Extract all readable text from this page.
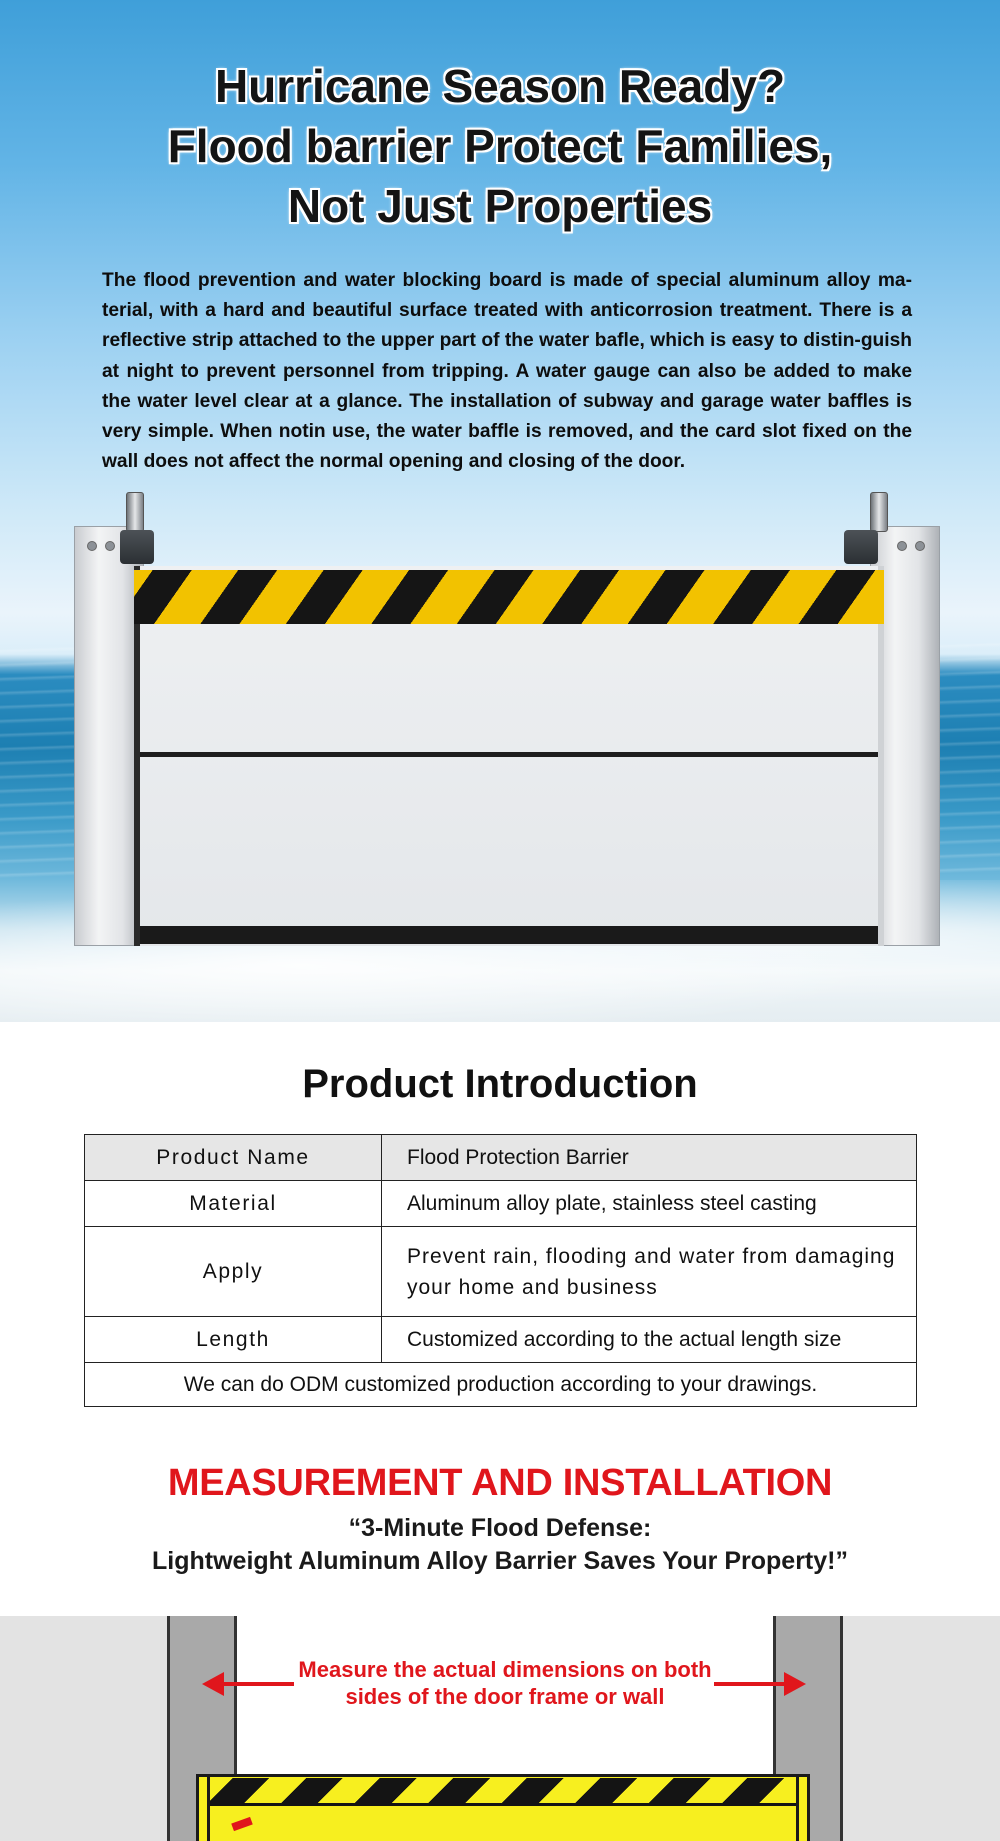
Hurricane Season Ready?
Flood barrier Protect Families,
Not Just Properties

The flood prevention and water blocking board is made of special aluminum alloy ma-terial, with a hard and beautiful surface treated with anticorrosion treatment. There is a reflective strip attached to the upper part of the water bafle, which is easy to distin-guish at night to prevent personnel from tripping. A water gauge can also be added to make the water level clear at a glance. The installation of subway and garage water baffles is very simple. When notin use, the water baffle is removed, and the card slot fixed on the wall does not affect the normal opening and closing of the door.

Product Introduction
Product Name	Flood Protection Barrier
Material	Aluminum alloy plate, stainless steel casting
Apply	Prevent rain, flooding and water from damaging your home and business
Length	Customized according to the actual length size
We can do ODM customized production according to your drawings.	
MEASUREMENT AND INSTALLATION
“3-Minute Flood Defense:
Lightweight Aluminum Alloy Barrier Saves Your Property!”
Measure the actual dimensions on both
sides of the door frame or wall
